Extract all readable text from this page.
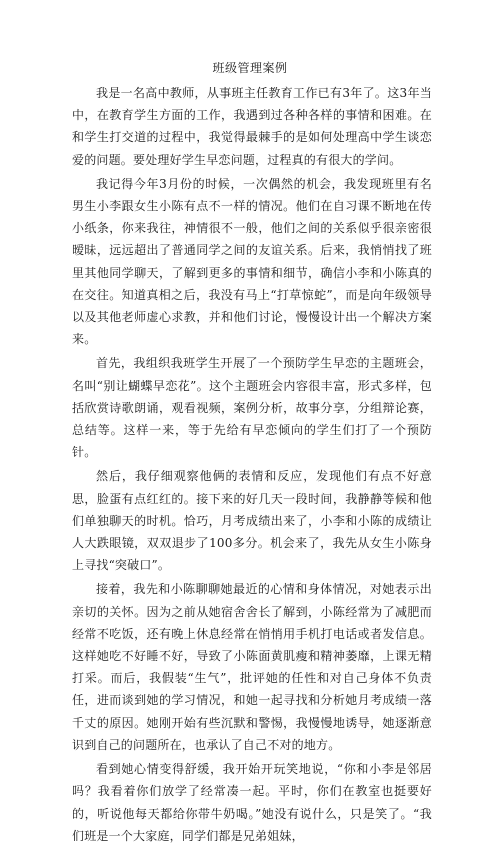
班级管理案例

我是一名高中教师，从事班主任教育工作已有3年了。这3年当中，在教育学生方面的工作，我遇到过各种各样的事情和困难。在和学生打交道的过程中，我觉得最棘手的是如何处理高中学生谈恋爱的问题。要处理好学生早恋问题，过程真的有很大的学问。

我记得今年3月份的时候，一次偶然的机会，我发现班里有名男生小李跟女生小陈有点不一样的情况。他们在自习课不断地在传小纸条，你来我往，神情很不一般，他们之间的关系似乎很亲密很暧昧，远远超出了普通同学之间的友谊关系。后来，我悄悄找了班里其他同学聊天，了解到更多的事情和细节，确信小李和小陈真的在交往。知道真相之后，我没有马上“打草惊蛇”，而是向年级领导以及其他老师虚心求教，并和他们讨论，慢慢设计出一个解决方案来。

首先，我组织我班学生开展了一个预防学生早恋的主题班会，名叫“别让蝴蝶早恋花”。这个主题班会内容很丰富，形式多样，包括欣赏诗歌朗诵，观看视频，案例分析，故事分享，分组辩论赛，总结等。这样一来，等于先给有早恋倾向的学生们打了一个预防针。

然后，我仔细观察他俩的表情和反应，发现他们有点不好意思，脸蛋有点红红的。接下来的好几天一段时间，我静静等候和他们单独聊天的时机。恰巧，月考成绩出来了，小李和小陈的成绩让人大跌眼镜，双双退步了100多分。机会来了，我先从女生小陈身上寻找“突破口”。

接着，我先和小陈聊聊她最近的心情和身体情况，对她表示出亲切的关怀。因为之前从她宿舍舍长了解到，小陈经常为了减肥而经常不吃饭，还有晚上休息经常在悄悄用手机打电话或者发信息。这样她吃不好睡不好，导致了小陈面黄肌瘦和精神萎靡，上课无精打采。而后，我假装“生气”，批评她的任性和对自己身体不负责任，进而谈到她的学习情况，和她一起寻找和分析她月考成绩一落千丈的原因。她刚开始有些沉默和警惕，我慢慢地诱导，她逐渐意识到自己的问题所在，也承认了自己不对的地方。

看到她心情变得舒缓，我开始开玩笑地说，“你和小李是邻居吗？我看着你们放学了经常凑一起。平时，你们在教室也挺要好的，听说他每天都给你带牛奶喝。”她没有说什么，只是笑了。“我们班是一个大家庭，同学们都是兄弟姐妹，
